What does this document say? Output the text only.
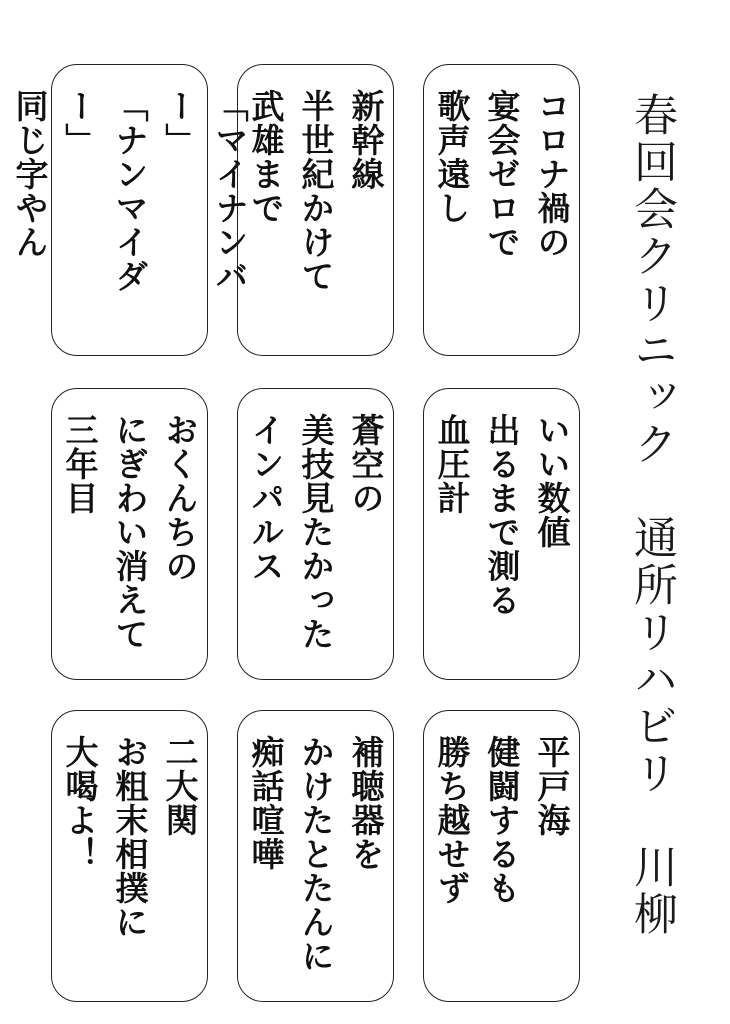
春回会クリニック　通所リハビリ　川柳

コロナ禍の
宴会ゼロで
歌声遠し

新幹線
半世紀かけて
武雄まで

「マイナンバー」
「ナンマイダー」
同じ字やん

いい数値
出るまで測る
血圧計

蒼空の
美技見たかった
インパルス

おくんちの
にぎわい消えて
三年目

平戸海
健闘するも
勝ち越せず

補聴器を
かけたとたんに
痴話喧嘩

二大関
お粗末相撲に
大喝よ！
